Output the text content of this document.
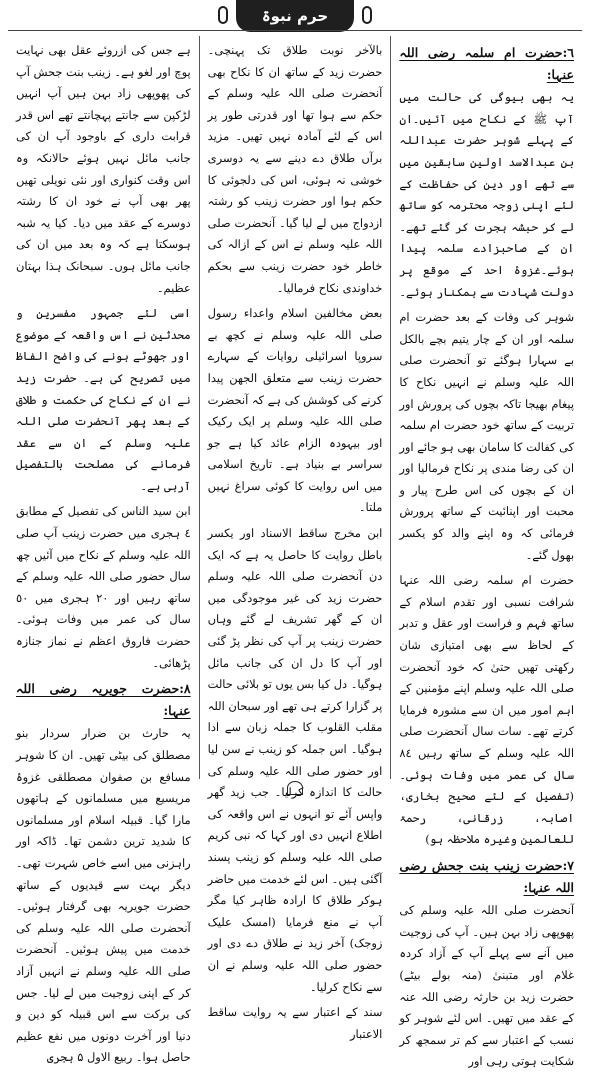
حرم نبوۃ
٦:حضرت ام سلمہ رضی اللہ عنہا:

یہ بھی بیوگی کی حالت میں آپ ﷺ کے نکاح میں آئیں۔ان کے پہلے شوہر حضرت عبداللہ بن عبدالاسد اولین سابقین میں سے تھے اور دین کی حفاظت کے لئے اپنی زوجہ محترمہ کو ساتھ لے کر حبشہ ہجرت کر گئے تھے۔ان کے صاحبزادے سلمہ پیدا ہوئے۔غزوۂ احد کے موقع پر دولت شہادت سے ہمکنار ہوئے۔

شوہر کی وفات کے بعد حضرت ام سلمہ اور ان کے چار یتیم بچے بالکل بے سہارا ہوگئے تو آنحضرت صلی اللہ علیہ وسلم نے انہیں نکاح کا پیغام بھیجا تاکہ بچوں کی پرورش اور تربیت کے ساتھ خود حضرت ام سلمہ کی کفالت کا سامان بھی ہو جائے اور ان کی رضا مندی پر نکاح فرمالیا اور ان کے بچوں کی اس طرح پیار و محبت اور اپنائیت کے ساتھ پرورش فرمائی کہ وہ اپنے والد کو یکسر بھول گئے۔

حضرت ام سلمہ رضی اللہ عنہا شرافت نسبی اور تقدم اسلام کے ساتھ فہم و فراست اور عقل و تدبر کے لحاظ سے بھی امتیازی شان رکھتی تھیں حتیٰ کہ خود آنحضرت صلی اللہ علیہ وسلم اپنے مؤمنین کے اہم امور میں ان سے مشورہ فرمایا کرتے تھے۔ سات سال آنحضرت صلی اللہ علیہ وسلم کے ساتھ رہیں ٨٤ سال کی عمر میں وفات ہوئی۔ (تفصیل کے لئے صحیح بخاری، اصابہ، زرقانی، رحمۃ للعالمین وغیرہ ملاحظہ ہو)

٧:حضرت زینب بنت جحش رضی اللہ عنہا:

آنحضرت صلی اللہ علیہ وسلم کی پھوپھی زاد بہن ہیں۔ آپ کی زوجیت میں آنے سے پہلے آپ کے آزاد کردہ غلام اور متبنیٰ (منہ بولے بیٹے) حضرت زید بن حارثہ رضی اللہ عنہ کے عقد میں تھیں۔ اس لئے شوہر کو نسب کے اعتبار سے کم تر سمجھ کر شکایت ہوتی رہی اور

بالآخر نوبت طلاق تک پہنچی۔ حضرت زید کے ساتھ ان کا نکاح بھی آنحضرت صلی اللہ علیہ وسلم کے حکم سے ہوا تھا اور قدرتی طور پر اس کے لئے آمادہ نہیں تھیں۔ مزید برآں طلاق دے دینے سے یہ دوسری خوشی نہ ہوئی، اس کی دلجوئی کا حکم ہوا اور حضرت زینب کو رشتہ ازدواج میں لے لیا گیا۔ آنحضرت صلی اللہ علیہ وسلم نے اس کے ازالہ کی خاطر خود حضرت زینب سے بحکم خداوندی نکاح فرمالیا۔

بعض مخالفین اسلام واعداء رسول صلی اللہ علیہ وسلم نے کچھ بے سروپا اسرائیلی روایات کے سہارے حضرت زینب سے متعلق الجھن پیدا کرنے کی کوشش کی ہے کہ آنحضرت صلی اللہ علیہ وسلم پر ایک رکیک اور بیہودہ الزام عائد کیا ہے جو سراسر بے بنیاد ہے۔ تاریخ اسلامی میں اس روایت کا کوئی سراغ نہیں ملتا۔

ابن مخرج ساقط الاسناد اور یکسر باطل روایت کا حاصل یہ ہے کہ ایک دن آنحضرت صلی اللہ علیہ وسلم حضرت زید کی غیر موجودگی میں ان کے گھر تشریف لے گئے وہاں حضرت زینب پر آپ کی نظر پڑ گئی اور آپ کا دل ان کی جانب مائل ہوگیا۔ دل کیا بس یوں تو بلائی حالت پر گزارا کرتے ہی تھے اور سبحان اللہ مقلب القلوب کا جملہ زبان سے ادا ہوگیا۔ اس جملہ کو زینب نے سن لیا اور حضور صلی اللہ علیہ وسلم کی حالت کا اندازہ کرلیا۔ جب زید گھر واپس آئے تو انہوں نے اس واقعہ کی اطلاع انہیں دی اور کہا کہ نبی کریم صلی اللہ علیہ وسلم کو زینب پسند آگئی ہیں۔ اس لئے خدمت میں حاضر ہوکر طلاق کا ارادہ ظاہر کیا مگر آپ نے منع فرمایا (امسک علیک زوجک) آخر زید نے طلاق دے دی اور حضور صلی اللہ علیہ وسلم نے ان سے نکاح کرلیا۔

سند کے اعتبار سے یہ روایت ساقط الاعتبار

ہے جس کی ازروئے عقل بھی نہایت پوچ اور لغو ہے۔ زینب بنت جحش آپ کی پھوپھی زاد بہن ہیں آپ انہیں لڑکپن سے جانتے پہچانتے تھے اس قدر قرابت داری کے باوجود آپ ان کی جانب مائل نہیں ہوئے حالانکہ وہ اس وقت کنواری اور نئی نویلی تھیں پھر بھی آپ نے خود ان کا رشتہ دوسرے کے عقد میں دیا۔ کیا یہ شبہ ہوسکتا ہے کہ وہ بعد میں ان کی جانب مائل ہوں۔ سبحانک ہذا بہتان عظیم۔

اسی لئے جمہور مفسرین و محدثین نے اس واقعہ کے موضوع اور جھوٹے ہونے کی واضح الفاظ میں تصریح کی ہے۔ حضرت زید نے ان کے نکاح کی حکمت و طلاق کے بعد پھر آنحضرت صلی اللہ علیہ وسلم کے ان سے عقد فرمانے کی مصلحت بالتفصیل آرہی ہے۔

ابن سید الناس کی تفصیل کے مطابق ٤ ہجری میں حضرت زینب آپ صلی اللہ علیہ وسلم کے نکاح میں آئیں چھ سال حضور صلی اللہ علیہ وسلم کے ساتھ رہیں اور ٢٠ ہجری میں ٥٠ سال کی عمر میں وفات ہوئی۔ حضرت فاروق اعظم نے نماز جنازہ پڑھائی۔

٨:حضرت جویریہ رضی اللہ عنہا:

یہ حارث بن ضرار سردار بنو مصطلق کی بیٹی تھیں۔ ان کا شوہر مسافع بن صفوان مصطلقی غزوۂ مریسیع میں مسلمانوں کے ہاتھوں مارا گیا۔ قبیلہ اسلام اور مسلمانوں کا شدید ترین دشمن تھا۔ ڈاکہ اور راہزنی میں اسے خاص شہرت تھی۔ دیگر بہت سے قیدیوں کے ساتھ حضرت جویریہ بھی گرفتار ہوئیں۔ آنحضرت صلی اللہ علیہ وسلم کی خدمت میں پیش ہوئیں۔ آنحضرت صلی اللہ علیہ وسلم نے انہیں آزاد کر کے اپنی زوجیت میں لے لیا۔ جس کی برکت سے اس قبیلہ کو دین و دنیا اور آخرت دونوں میں نفع عظیم حاصل ہوا۔ ربیع الاول ۵ ہجری
